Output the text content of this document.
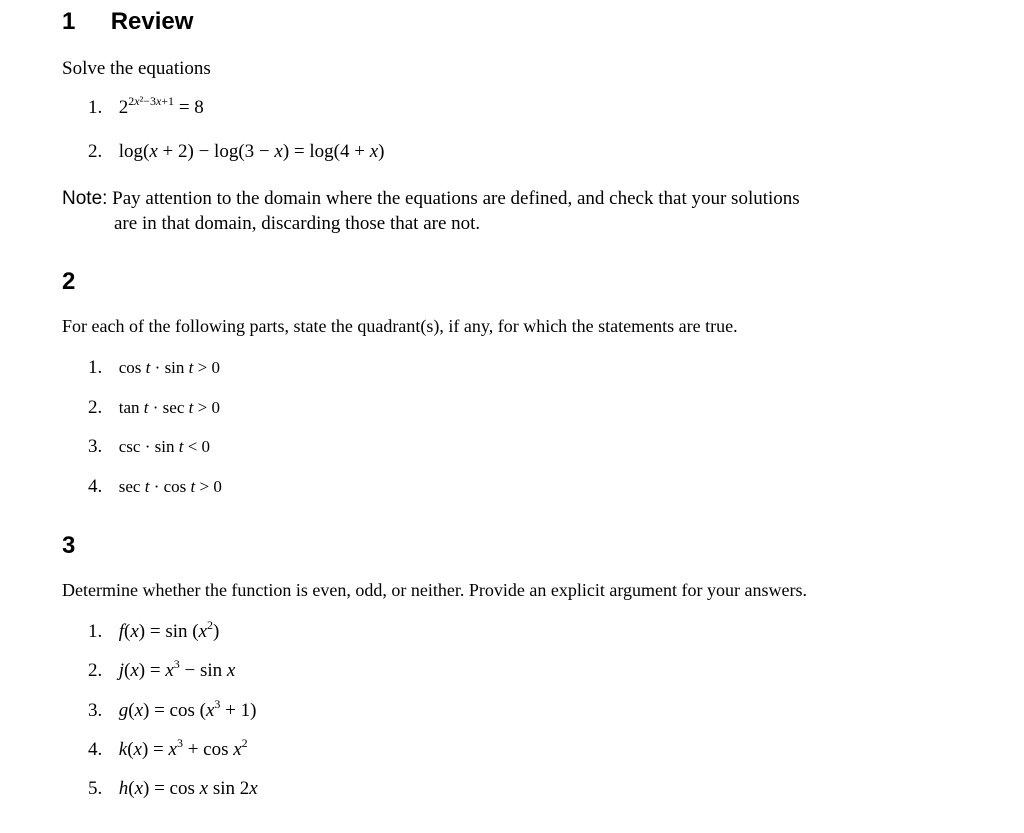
1 Review
Solve the equations
1. $2^{2x^2-3x+1} = 8$
2. log(x + 2) − log(3 − x) = log(4 + x)
Note: Pay attention to the domain where the equations are defined, and check that your solutions
are in that domain, discarding those that are not.
2
For each of the following parts, state the quadrant(s), if any, for which the statements are true.
1. cos t · sin t > 0
2. tan t · sec t > 0
3. csc · sin t < 0
4. sec t · cos t > 0
3
Determine whether the function is even, odd, or neither. Provide an explicit argument for your answers.
1. $f(x) = \sin (x^2)$
2. $j(x) = x^3 - \sin x$
3. $g(x) = \cos (x^3 + 1)$
4. $k(x) = x^3 + \cos x^2$
5. h(x) = cos x sin 2x
